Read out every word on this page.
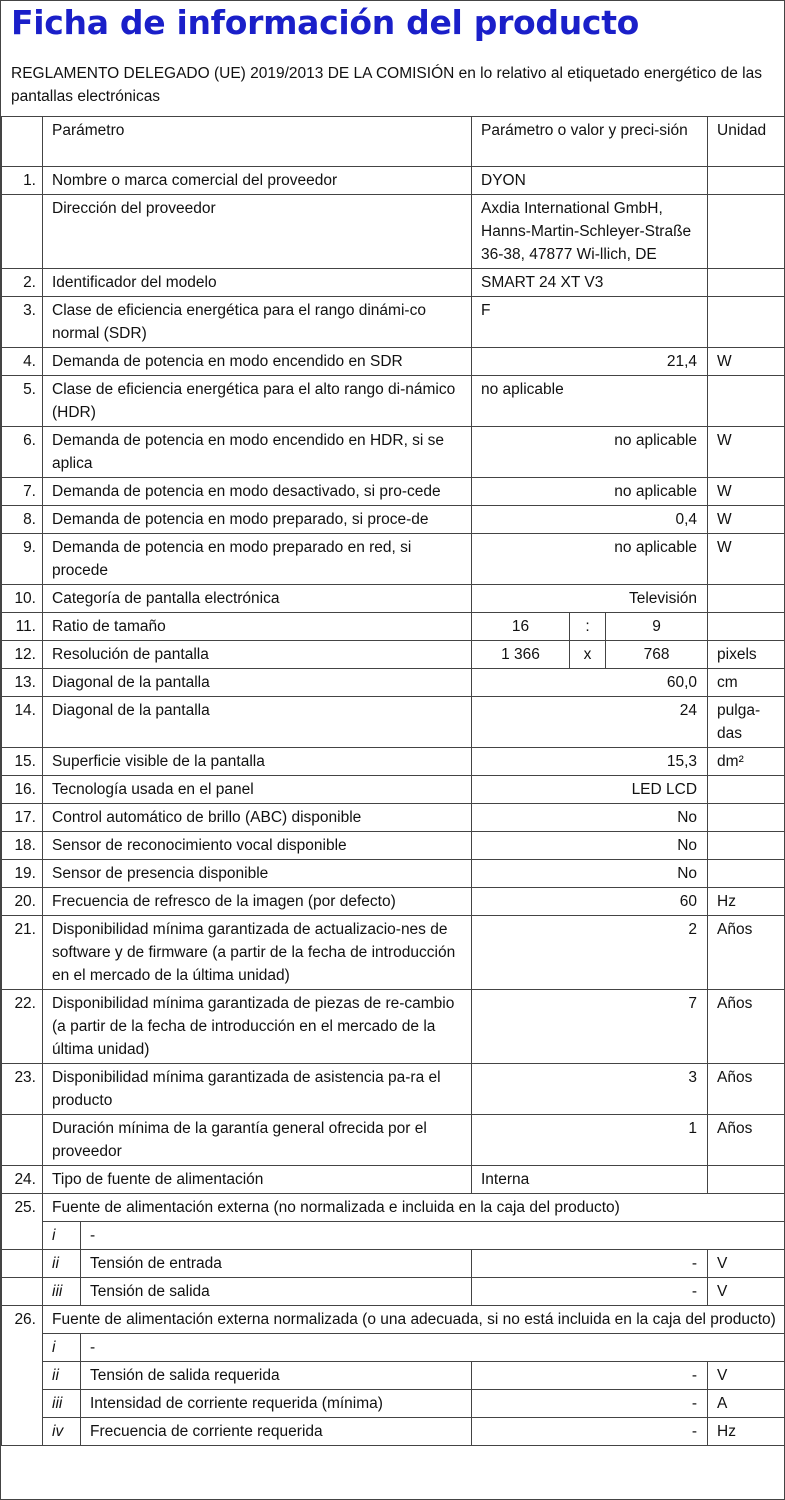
Ficha de información del producto
REGLAMENTO DELEGADO (UE) 2019/2013 DE LA COMISIÓN en lo relativo al etiquetado energético de las pantallas electrónicas
	Parámetro		Parámetro o valor y preci-sión			Unidad
1.	Nombre o marca comercial del proveedor		DYON			
	Dirección del proveedor		Axdia International GmbH, Hanns-Martin-Schleyer-Straße 36-38, 47877 Wi-llich, DE			
2.	Identificador del modelo		SMART 24 XT V3			
3.	Clase de eficiencia energética para el rango dinámi-co normal (SDR)		F			
4.	Demanda de potencia en modo encendido en SDR		21,4			W
5.	Clase de eficiencia energética para el alto rango di-námico (HDR)		no aplicable			
6.	Demanda de potencia en modo encendido en HDR, si se aplica		no aplicable			W
7.	Demanda de potencia en modo desactivado, si pro-cede		no aplicable			W
8.	Demanda de potencia en modo preparado, si proce-de		0,4			W
9.	Demanda de potencia en modo preparado en red, si procede		no aplicable			W
10.	Categoría de pantalla electrónica		Televisión			
11.	Ratio de tamaño		16	:	9	
12.	Resolución de pantalla		1 366	x	768	pixels
13.	Diagonal de la pantalla		60,0			cm
14.	Diagonal de la pantalla		24			pulga-das
15.	Superficie visible de la pantalla		15,3			dm²
16.	Tecnología usada en el panel		LED LCD			
17.	Control automático de brillo (ABC) disponible		No			
18.	Sensor de reconocimiento vocal disponible		No			
19.	Sensor de presencia disponible		No			
20.	Frecuencia de refresco de la imagen (por defecto)		60			Hz
21.	Disponibilidad mínima garantizada de actualizacio-nes de software y de firmware (a partir de la fecha de introducción en el mercado de la última unidad)		2			Años
22.	Disponibilidad mínima garantizada de piezas de re-cambio (a partir de la fecha de introducción en el mercado de la última unidad)		7			Años
23.	Disponibilidad mínima garantizada de asistencia pa-ra el producto		3			Años
	Duración mínima de la garantía general ofrecida por el proveedor		1			Años
24.	Tipo de fuente de alimentación		Interna			
25.	Fuente de alimentación externa (no normalizada e incluida en la caja del producto)					
	i	-				
	ii	Tensión de entrada	-			V
	iii	Tensión de salida	-			V
26.	Fuente de alimentación externa normalizada (o una adecuada, si no está incluida en la caja del producto)					
	i	-				
	ii	Tensión de salida requerida	-			V
	iii	Intensidad de corriente requerida (mínima)	-			A
	iv	Frecuencia de corriente requerida	-			Hz
